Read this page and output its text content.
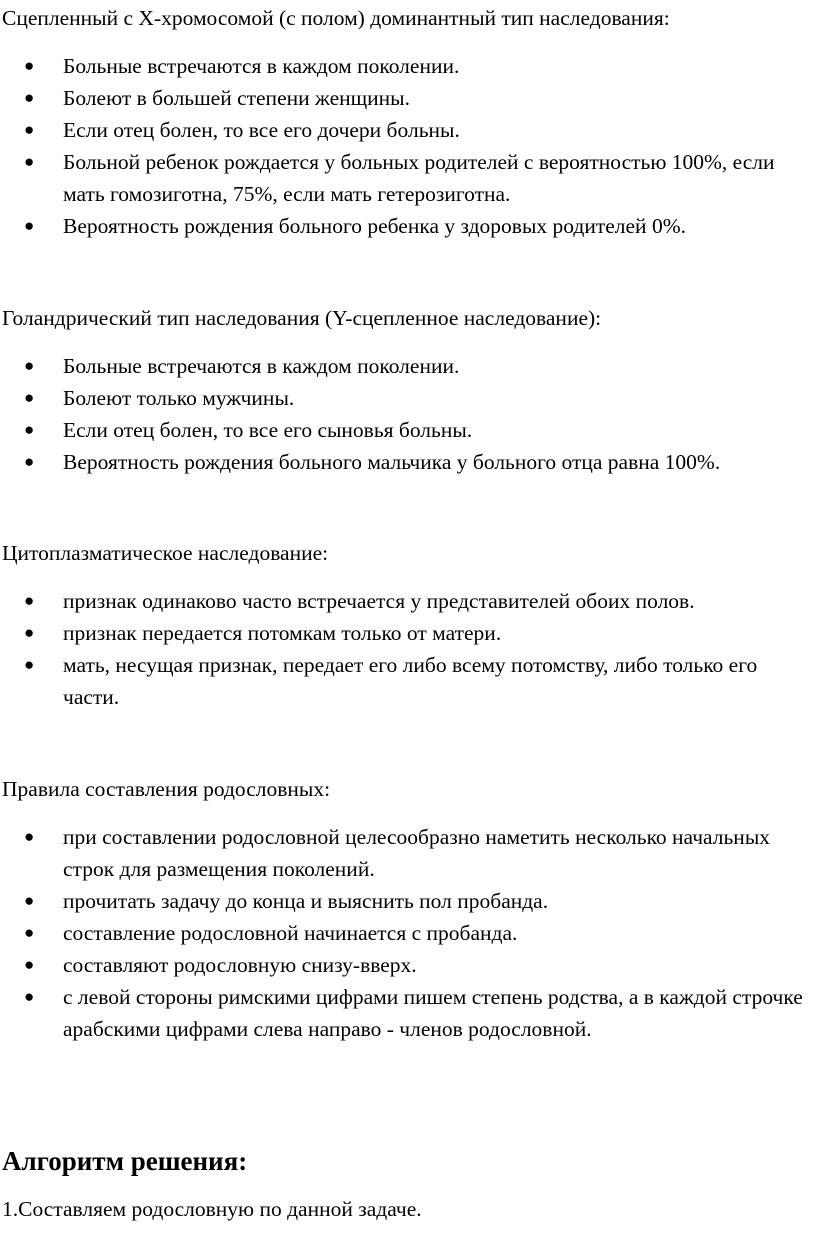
Сцепленный с Х-хромосомой (с полом) доминантный тип наследования:

● Больные встречаются в каждом поколении.
● Болеют в большей степени женщины.
● Если отец болен, то все его дочери больны.
● Больной ребенок рождается у больных родителей с вероятностью 100%, если мать гомозиготна, 75%, если мать гетерозиготна.
● Вероятность рождения больного ребенка у здоровых родителей 0%.

Голандрический тип наследования (Y-сцепленное наследование):

● Больные встречаются в каждом поколении.
● Болеют только мужчины.
● Если отец болен, то все его сыновья больны.
● Вероятность рождения больного мальчика у больного отца равна 100%.

Цитоплазматическое наследование:

● признак одинаково часто встречается у представителей обоих полов.
● признак передается потомкам только от матери.
● мать, несущая признак, передает его либо всему потомству, либо только его части.

Правила составления родословных:

● при составлении родословной целесообразно наметить несколько начальных строк для размещения поколений.
● прочитать задачу до конца и выяснить пол пробанда.
● составление родословной начинается с пробанда.
● составляют родословную снизу-вверх.
● с левой стороны римскими цифрами пишем степень родства, а в каждой строчке арабскими цифрами слева направо - членов родословной.

Алгоритм решения:

1.Составляем родословную по данной задаче.
